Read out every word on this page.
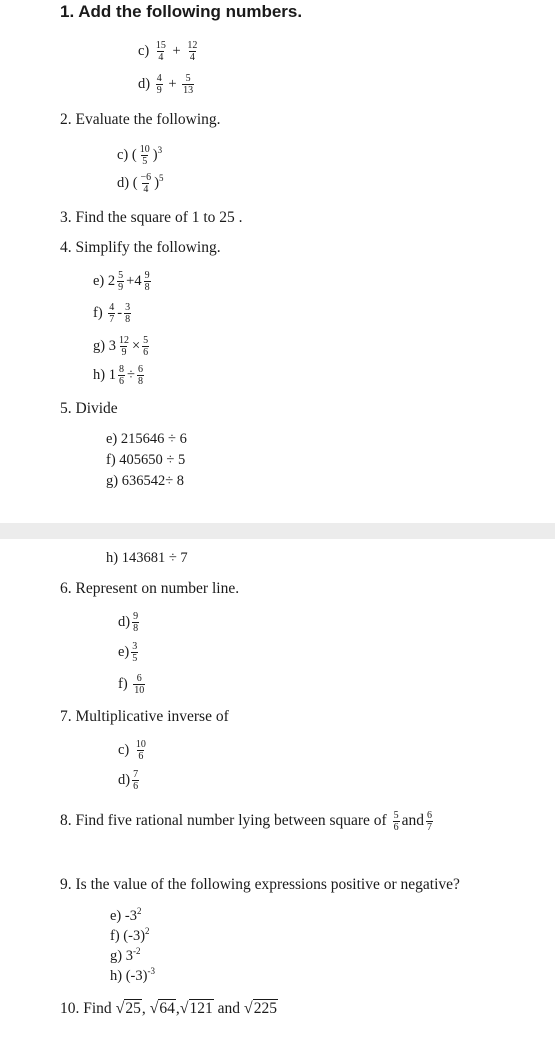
1. Add the following numbers.
$c) \frac{15}{4} + \frac{12}{4}$
$d) \frac{4}{9} + \frac{5}{13}$
2. Evaluate the following.
c) ( $\frac{10}{5} )^3$
d) ( $\frac{-6}{4} )^5$
3. Find the square of 1 to 25 .
4. Simplify the following.
e) $2 \frac{5}{9} +4 \frac{9}{8}$
$f) \frac{4}{7} - \frac{3}{8}$
g) $3 \frac{12}{9} \times \frac{5}{6}$
h) $1 \frac{8}{6} \div \frac{6}{8}$
5. Divide
e) 215646 ÷ 6
f) 405650 ÷ 5
g) 636542÷ 8
h) 143681 ÷ 7
6. Represent on number line.
$d) \frac{9}{8}$
$e) \frac{3}{5}$
$f) \frac{6}{10}$
7. Multiplicative inverse of
$c) \frac{10}{6}$
$d) \frac{7}{6}$
8. Find five rational number lying between square of $\frac{5}{6}$ and $\frac{6}{7}$
9. Is the value of the following expressions positive or negative?
e) $-3^2$
f) $(-3)^2$
g) $3^{-2}$
h) $(-3)^{-3}$
10. Find √25, √64,√121 and √225
